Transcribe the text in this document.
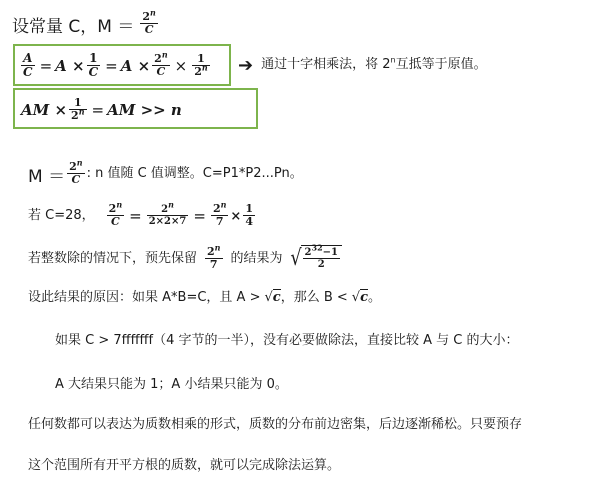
设常量 C，$M = \frac{2^n}{C}$
$\frac{A}{C} = A \times \frac{1}{C} = A \times \frac{2^n}{C} \times \frac{1}{2^n}$ ➔ 通过十字相乘法，将 2$^n$互抵等于原值。
AM × $\frac{1}{2^n}$ = AM >> n
$M = \frac{2^n}{C}$ : n 值随 C 值调整。C=P1*P2...Pn。
若 C=28， $\frac{2^n}{C} = \frac{2^n}{2\times 2\times 7} = \frac{2^n}{7} \times \frac{1}{4}$
若整数除的情况下，预先保留 $\frac{2^n}{7}$ 的结果为 √ $\frac{2^{32}-1}{2}$
设此结果的原因：如果 A*B=C，且 A > √c ，那么 B < √c 。
如果 C > 7fffffff（4 字节的一半），没有必要做除法，直接比较 A 与 C 的大小：
A 大结果只能为 1；A 小结果只能为 0。
任何数都可以表达为质数相乘的形式，质数的分布前边密集，后边逐渐稀松。只要预存
这个范围所有开平方根的质数，就可以完成除法运算。
